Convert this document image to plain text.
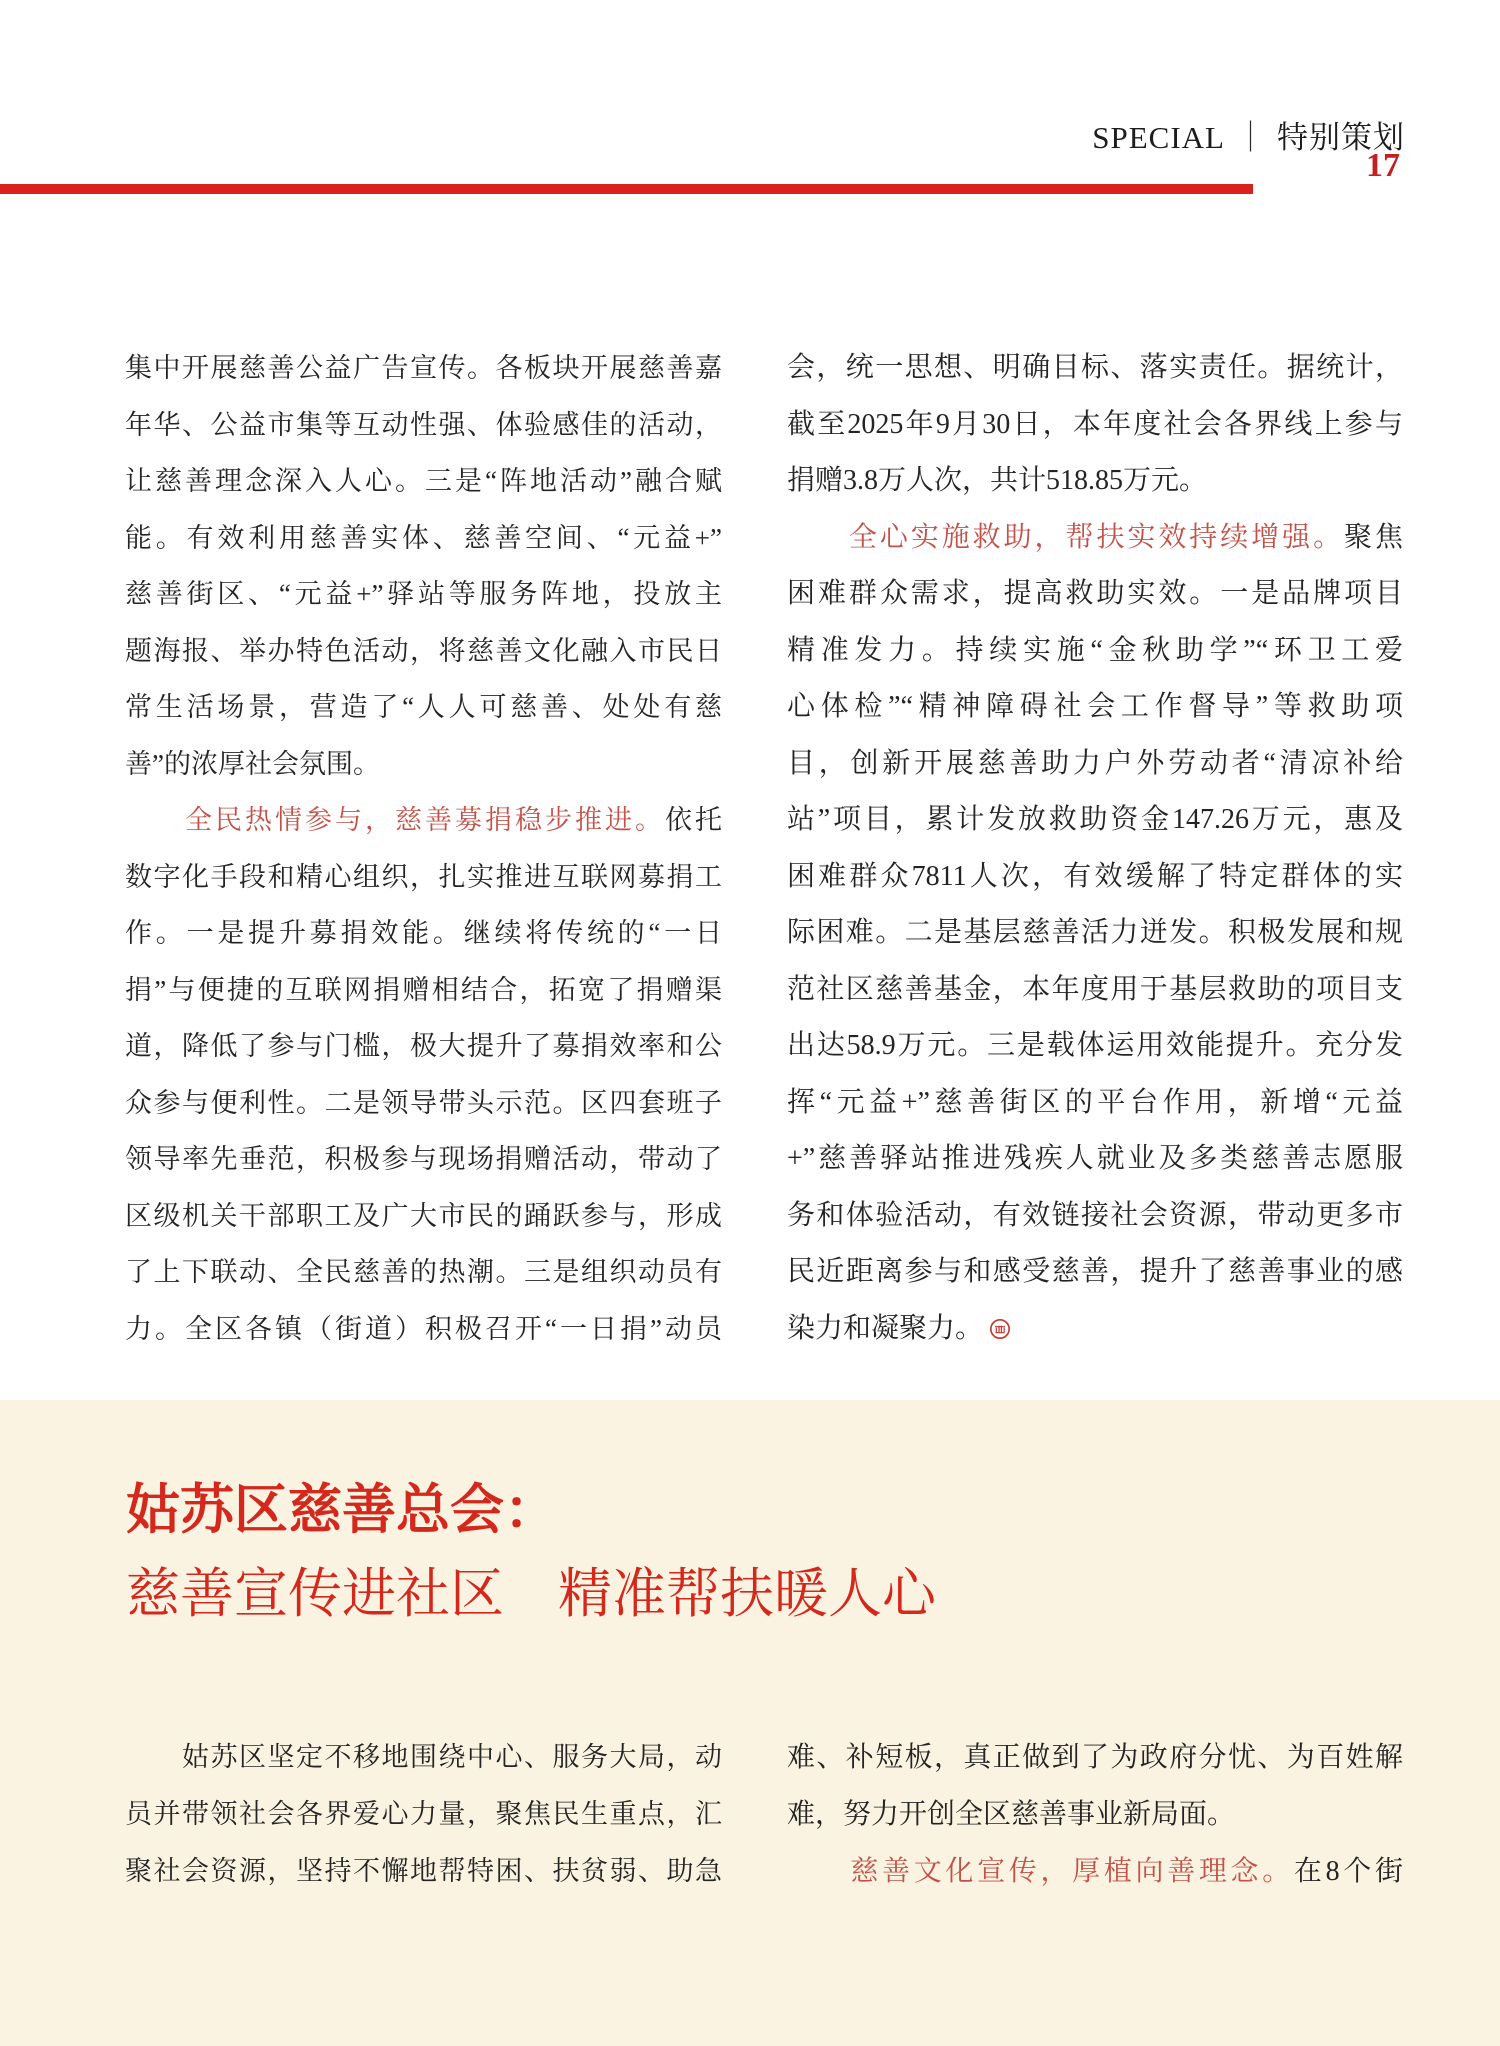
SPECIAL ｜ 特别策划
17
集中开展慈善公益广告宣传。各板块开展慈善嘉
年华、公益市集等互动性强、体验感佳的活动，
让慈善理念深入人心。三是“阵地活动”融合赋
能。有效利用慈善实体、慈善空间、“元益+”
慈善街区、“元益+”驿站等服务阵地，投放主
题海报、举办特色活动，将慈善文化融入市民日
常生活场景，营造了“人人可慈善、处处有慈
善”的浓厚社会氛围。
　　全民热情参与，慈善募捐稳步推进。依托
数字化手段和精心组织，扎实推进互联网募捐工
作。一是提升募捐效能。继续将传统的“一日
捐”与便捷的互联网捐赠相结合，拓宽了捐赠渠
道，降低了参与门槛，极大提升了募捐效率和公
众参与便利性。二是领导带头示范。区四套班子
领导率先垂范，积极参与现场捐赠活动，带动了
区级机关干部职工及广大市民的踊跃参与，形成
了上下联动、全民慈善的热潮。三是组织动员有
力。全区各镇（街道）积极召开“一日捐”动员
会，统一思想、明确目标、落实责任。据统计，
截至2025年9月30日，本年度社会各界线上参与
捐赠3.8万人次，共计518.85万元。
　　全心实施救助，帮扶实效持续增强。聚焦
困难群众需求，提高救助实效。一是品牌项目
精准发力。持续实施“金秋助学”“环卫工爱
心体检”“精神障碍社会工作督导”等救助项
目，创新开展慈善助力户外劳动者“清凉补给
站”项目，累计发放救助资金147.26万元，惠及
困难群众7811人次，有效缓解了特定群体的实
际困难。二是基层慈善活力迸发。积极发展和规
范社区慈善基金，本年度用于基层救助的项目支
出达58.9万元。三是载体运用效能提升。充分发
挥“元益+”慈善街区的平台作用，新增“元益
+”慈善驿站推进残疾人就业及多类慈善志愿服
务和体验活动，有效链接社会资源，带动更多市
民近距离参与和感受慈善，提升了慈善事业的感
染力和凝聚力。
姑苏区慈善总会：
慈善宣传进社区　精准帮扶暖人心
　　姑苏区坚定不移地围绕中心、服务大局，动
员并带领社会各界爱心力量，聚焦民生重点，汇
聚社会资源，坚持不懈地帮特困、扶贫弱、助急
难、补短板，真正做到了为政府分忧、为百姓解
难，努力开创全区慈善事业新局面。
　　慈善文化宣传，厚植向善理念。在8个街
